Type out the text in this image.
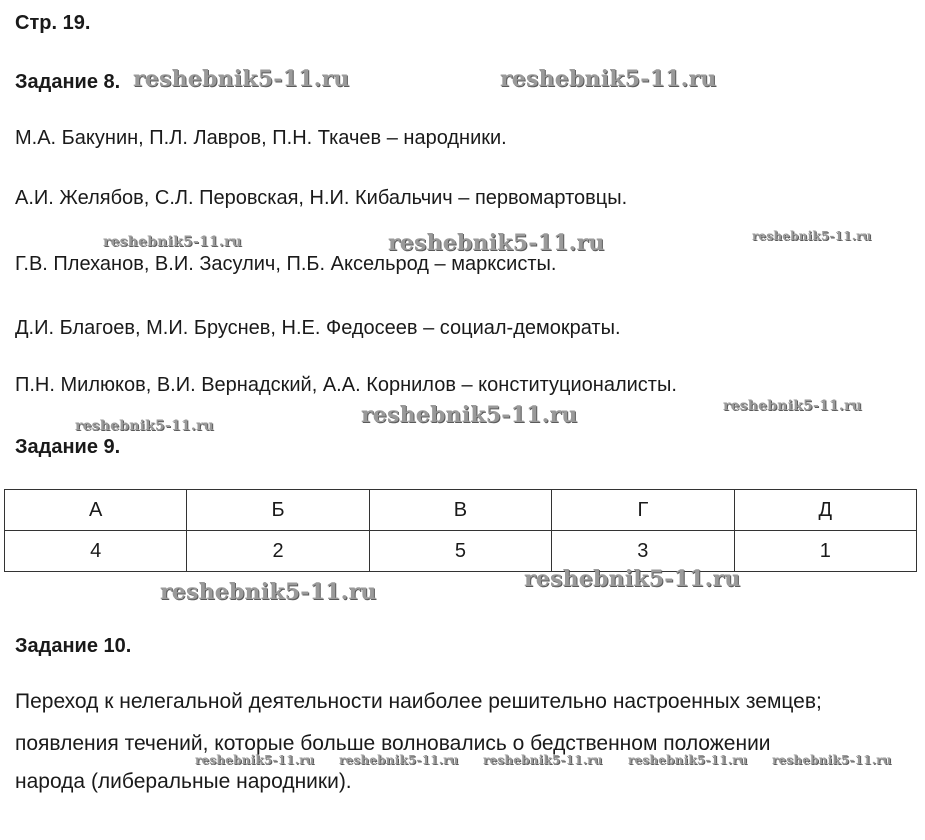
Стр. 19.
Задание 8.
М.А. Бакунин, П.Л. Лавров, П.Н. Ткачев – народники.
А.И. Желябов, С.Л. Перовская, Н.И. Кибальчич – первомартовцы.
Г.В. Плеханов, В.И. Засулич, П.Б. Аксельрод – марксисты.
Д.И. Благоев, М.И. Бруснев, Н.Е. Федосеев – социал-демократы.
П.Н. Милюков, В.И. Вернадский, А.А. Корнилов – конституционалисты.
Задание 9.
А	Б	В	Г	Д
4	2	5	3	1
Задание 10.
Переход к нелегальной деятельности наиболее решительно настроенных земцев;
появления течений, которые больше волновались о бедственном положении
народа (либеральные народники).
reshebnik5-11.ru	reshebnik5-11.ru
reshebnik5-11.ru	reshebnik5-11.ru	reshebnik5-11.ru
reshebnik5-11.ru	reshebnik5-11.ru	reshebnik5-11.ru
reshebnik5-11.ru	reshebnik5-11.ru
reshebnik5-11.ru reshebnik5-11.ru reshebnik5-11.ru reshebnik5-11.ru reshebnik5-11.ru
